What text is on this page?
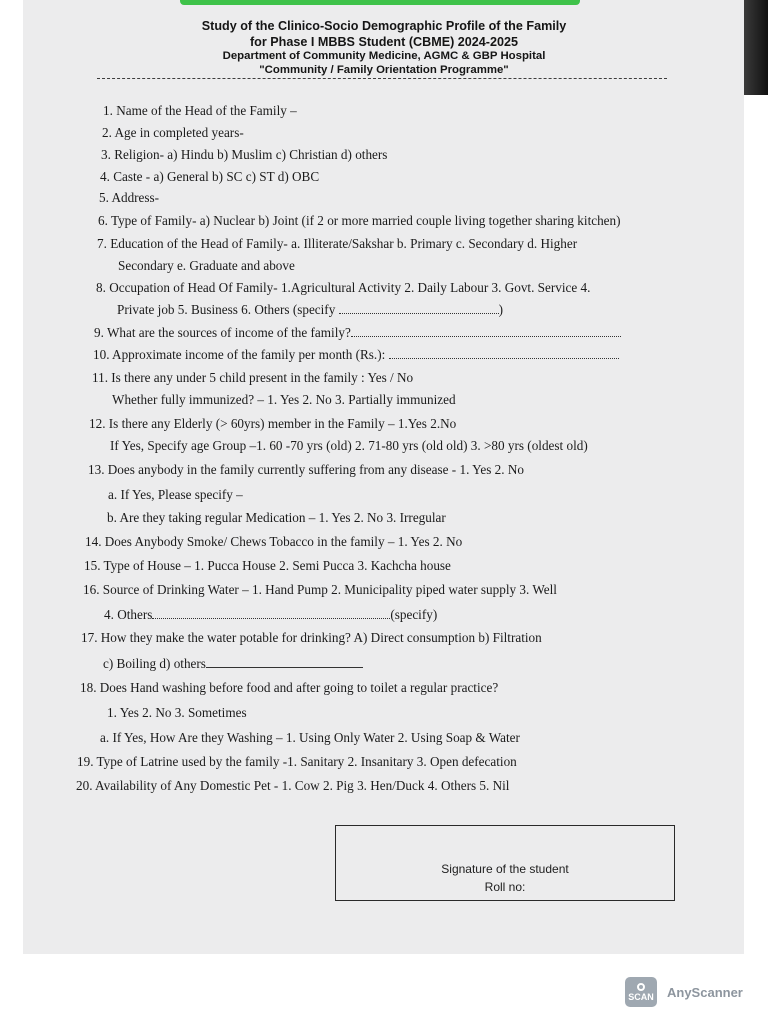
Study of the Clinico-Socio Demographic Profile of the Family
for Phase I MBBS Student (CBME) 2024-2025
Department of Community Medicine, AGMC & GBP Hospital
"Community / Family Orientation Programme"
1. Name of the Head of the Family –
2. Age in completed years-
3. Religion- a) Hindu b) Muslim c) Christian d) others
4. Caste - a) General b) SC c) ST d) OBC
5. Address-
6. Type of Family- a) Nuclear b) Joint (if 2 or more married couple living together sharing kitchen)
7. Education of the Head of Family- a. Illiterate/Sakshar b. Primary c. Secondary d. Higher
Secondary e. Graduate and above
8. Occupation of Head Of Family- 1.Agricultural Activity 2. Daily Labour 3. Govt. Service 4.
Private job 5. Business 6. Others (specify	)
9. What are the sources of income of the family?
10. Approximate income of the family per month (Rs.):
11. Is there any under 5 child present in the family : Yes / No
Whether fully immunized? – 1. Yes 2. No 3. Partially immunized
12. Is there any Elderly (> 60yrs) member in the Family – 1.Yes 2.No
If Yes, Specify age Group –1. 60 -70 yrs (old) 2. 71-80 yrs (old old) 3. >80 yrs (oldest old)
13. Does anybody in the family currently suffering from any disease - 1. Yes 2. No
a. If Yes, Please specify –
b. Are they taking regular Medication – 1. Yes 2. No 3. Irregular
14. Does Anybody Smoke/ Chews Tobacco in the family – 1. Yes 2. No
15. Type of House – 1. Pucca House 2. Semi Pucca 3. Kachcha house
16. Source of Drinking Water – 1. Hand Pump 2. Municipality piped water supply 3. Well
4. Others	(specify)
17. How they make the water potable for drinking? A) Direct consumption b) Filtration
c) Boiling d) others
18. Does Hand washing before food and after going to toilet a regular practice?
1. Yes 2. No 3. Sometimes
a. If Yes, How Are they Washing – 1. Using Only Water 2. Using Soap & Water
19. Type of Latrine used by the family -1. Sanitary 2. Insanitary 3. Open defecation
20. Availability of Any Domestic Pet - 1. Cow 2. Pig 3. Hen/Duck 4. Others 5. Nil
Signature of the student
Roll no:
SCAN AnyScanner
